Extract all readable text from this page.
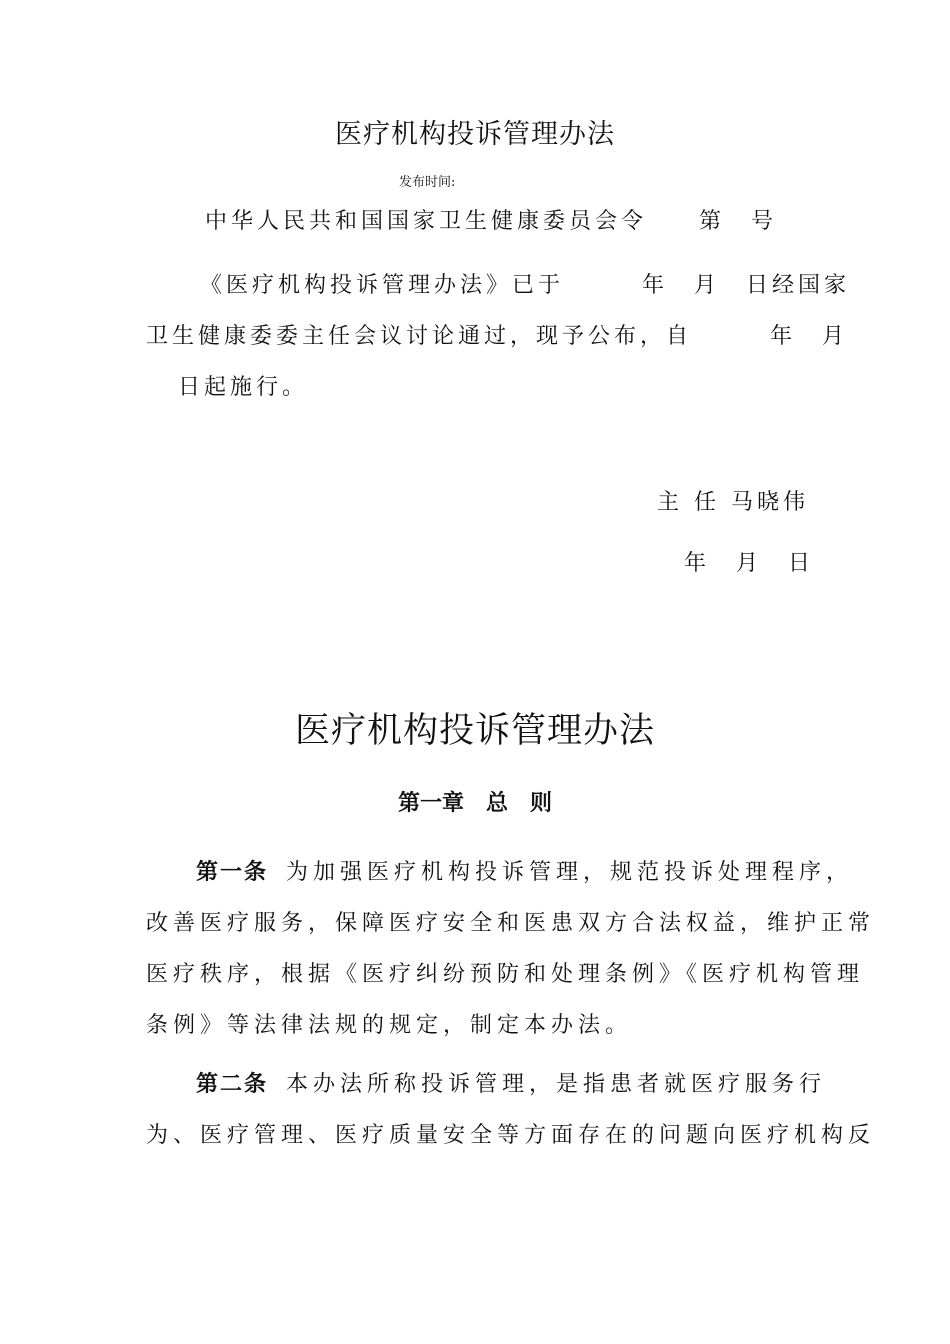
医疗机构投诉管理办法
发布时间:
中华人民共和国国家卫生健康委员会令　　第　号
《医疗机构投诉管理办法》已于　　　年　月　日经国家
卫生健康委委主任会议讨论通过，现予公布，自　　　年　月
日起施行。
主 任 马晓伟
年　月　日
医疗机构投诉管理办法
第一章　总　则
第一条 为加强医疗机构投诉管理，规范投诉处理程序，
改善医疗服务，保障医疗安全和医患双方合法权益，维护正常
医疗秩序，根据《医疗纠纷预防和处理条例》《医疗机构管理
条例》等法律法规的规定，制定本办法。
第二条 本办法所称投诉管理，是指患者就医疗服务行
为、医疗管理、医疗质量安全等方面存在的问题向医疗机构反
